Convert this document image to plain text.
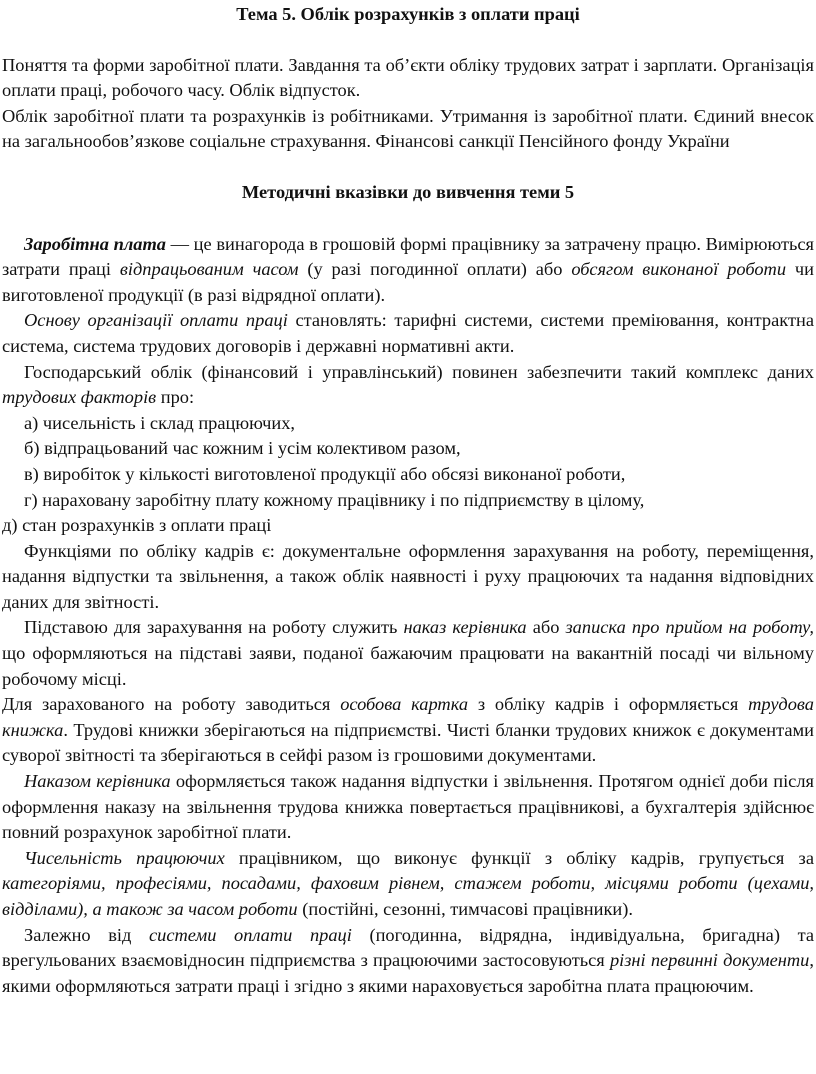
Тема 5. Облік розрахунків з оплати праці

Поняття та форми заробітної плати. Завдання та об’єкти обліку трудових затрат і зарплати. Організація оплати праці, робочого часу. Облік відпусток.

Облік заробітної плати та розрахунків із робітниками. Утримання із заробітної плати. Єдиний внесок на загальнообов’язкове соціальне страхування. Фінансові санкції Пенсійного фонду України

Методичні вказівки до вивчення теми 5

Заробітна плата — це винагорода в грошовій формі працівнику за затрачену працю. Вимірюються затрати праці відпрацьованим часом (у разі погодинної оплати) або обсягом виконаної роботи чи виготовленої продукції (в разі відрядної оплати).

Основу організації оплати праці становлять: тарифні системи, системи преміювання, контрактна система, система трудових договорів і державні нормативні акти.

Господарський облік (фінансовий і управлінський) повинен забезпечити такий комплекс даних трудових факторів про:

а) чисельність і склад працюючих,

б) відпрацьований час кожним і усім колективом разом,

в) виробіток у кількості виготовленої продукції або обсязі виконаної роботи,

г) нараховану заробітну плату кожному працівнику і по підприємству в цілому,

д) стан розрахунків з оплати праці

Функціями по обліку кадрів є: документальне оформлення зарахування на роботу, переміщення, надання відпустки та звільнення, а також облік наявності і руху працюючих та надання відповідних даних для звітності.

Підставою для зарахування на роботу служить наказ керівника або записка про прийом на роботу, що оформляються на підставі заяви, поданої бажаючим працювати на вакантній посаді чи вільному робочому місці.

Для зарахованого на роботу заводиться особова картка з обліку кадрів і оформляється трудова книжка. Трудові книжки зберігаються на підприємстві. Чисті бланки трудових книжок є документами суворої звітності та зберігаються в сейфі разом із грошовими документами.

Наказом керівника оформляється також надання відпустки і звільнення. Протягом однієї доби після оформлення наказу на звільнення трудова книжка повертається працівникові, а бухгалтерія здійснює повний розрахунок заробітної плати.

Чисельність працюючих працівником, що виконує функції з обліку кадрів, групується за категоріями, професіями, посадами, фаховим рівнем, стажем роботи, місцями роботи (цехами, відділами), а також за часом роботи (постійні, сезонні, тимчасові працівники).

Залежно від системи оплати праці (погодинна, відрядна, індивідуальна, бригадна) та врегульованих взаємовідносин підприємства з працюючими застосовуються різні первинні документи, якими оформляються затрати праці і згідно з якими нараховується заробітна плата працюючим.
